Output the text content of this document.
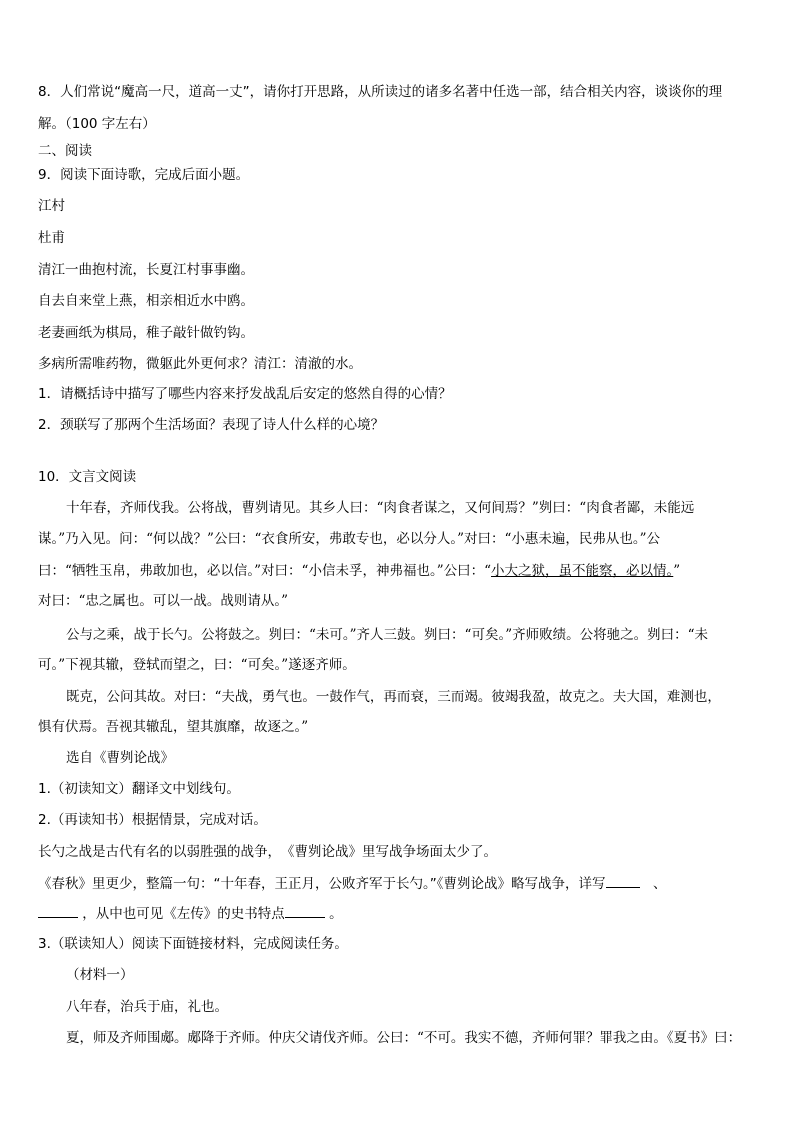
8．人们常说“魔高一尺，道高一丈”，请你打开思路，从所读过的诸多名著中任选一部，结合相关内容，谈谈你的理
解。（100 字左右）
二、阅读
9．阅读下面诗歌，完成后面小题。
江村
杜甫
清江一曲抱村流，长夏江村事事幽。
自去自来堂上燕，相亲相近水中鸥。
老妻画纸为棋局，稚子敲针做钓钩。
多病所需唯药物，微躯此外更何求？清江：清澈的水。
1．请概括诗中描写了哪些内容来抒发战乱后安定的悠然自得的心情？
2．颈联写了那两个生活场面？表现了诗人什么样的心境？
10．文言文阅读
十年春，齐师伐我。公将战，曹刿请见。其乡人曰：“肉食者谋之，又何间焉？”刿曰：“肉食者鄙，未能远
谋。”乃入见。问：“何以战？”公曰：“衣食所安，弗敢专也，必以分人。”对曰：“小惠未遍，民弗从也。”公
曰：“牺牲玉帛，弗敢加也，必以信。”对曰：“小信未孚，神弗福也。”公曰：“小大之狱，虽不能察，必以情。”
对曰：“忠之属也。可以一战。战则请从。”
公与之乘，战于长勺。公将鼓之。刿曰：“未可。”齐人三鼓。刿曰：“可矣。”齐师败绩。公将驰之。刿曰：“未
可。”下视其辙，登轼而望之，曰：“可矣。”遂逐齐师。
既克，公问其故。对曰：“夫战，勇气也。一鼓作气，再而衰，三而竭。彼竭我盈，故克之。夫大国，难测也，
惧有伏焉。吾视其辙乱，望其旗靡，故逐之。”
选自《曹刿论战》
1.（初读知文）翻译文中划线句。
2.（再读知书）根据情景，完成对话。
长勺之战是古代有名的以弱胜强的战争，　《曹刿论战》里写战争场面太少了。
《春秋》里更少，整篇一句：“十年春，王正月，公败齐军于长勺。”《曹刿论战》略写战争，详写　	、
，从中也可见《左传》的史书特点	。
3.（联读知人）阅读下面链接材料，完成阅读任务。
（材料一）
八年春，治兵于庙，礼也。
夏，师及齐师围郕。郕降于齐师。仲庆父请伐齐师。公曰：“不可。我实不德，齐师何罪？罪我之由。《夏书》曰：
